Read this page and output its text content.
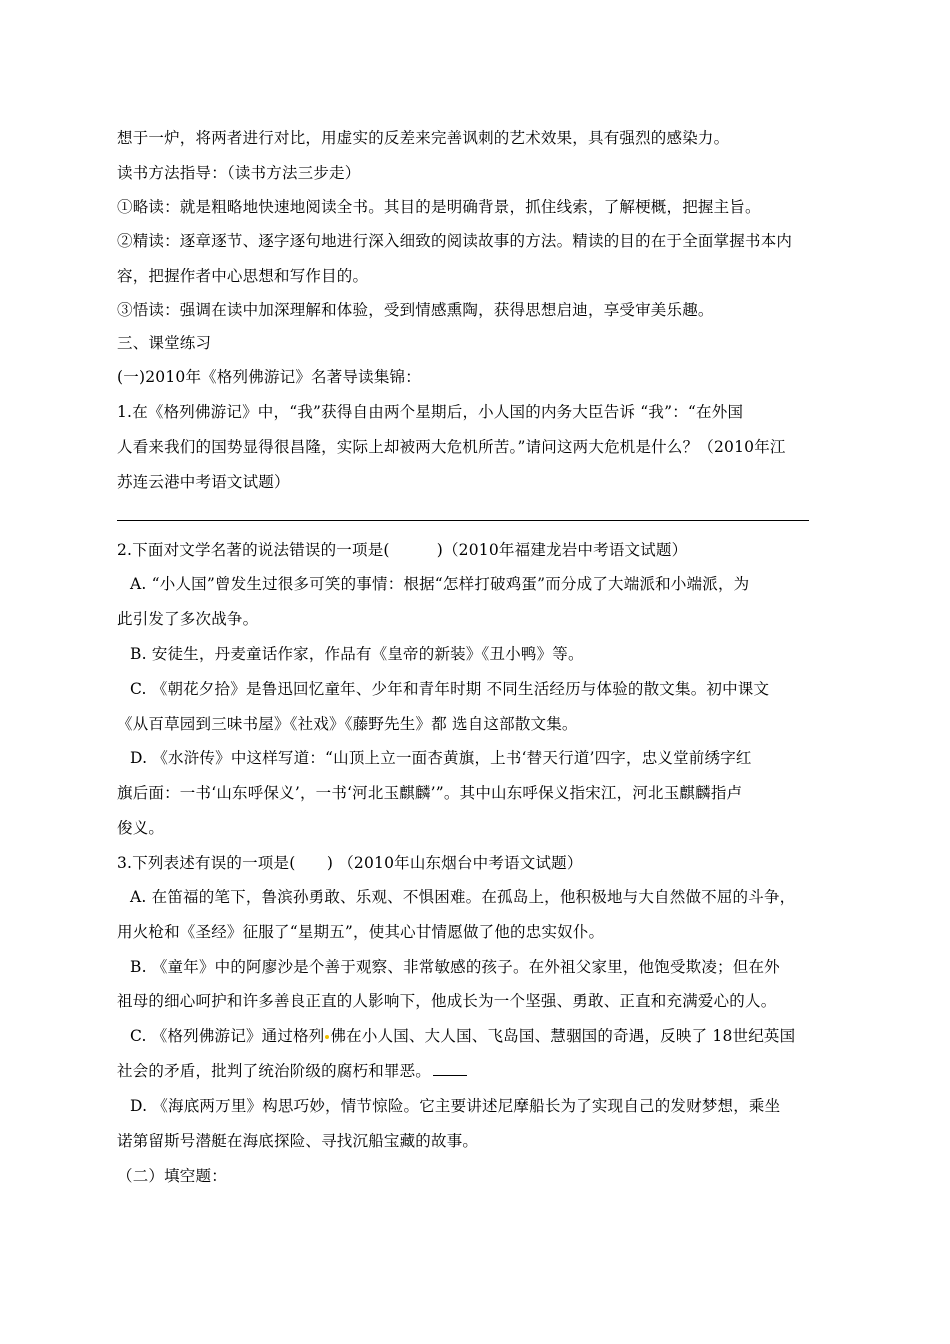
想于一炉，将两者进行对比，用虚实的反差来完善讽刺的艺术效果，具有强烈的感染力。
读书方法指导：（读书方法三步走）
①略读：就是粗略地快速地阅读全书。其目的是明确背景，抓住线索，了解梗概，把握主旨。
②精读：逐章逐节、逐字逐句地进行深入细致的阅读故事的方法。精读的目的在于全面掌握书本内
容，把握作者中心思想和写作目的。
③悟读：强调在读中加深理解和体验，受到情感熏陶，获得思想启迪，享受审美乐趣。
三、课堂练习
(一)2010年《格列佛游记》名著导读集锦：
1.在《格列佛游记》中，“我”获得自由两个星期后，小人国的内务大臣告诉 “我”：“在外国
人看来我们的国势显得很昌隆，实际上却被两大危机所苦。”请问这两大危机是什么？（2010年江
苏连云港中考语文试题）
2.下面对文学名著的说法错误的一项是(　　　)（2010年福建龙岩中考语文试题）
A. “小人国”曾发生过很多可笑的事情：根据“怎样打破鸡蛋”而分成了大端派和小端派，为
此引发了多次战争。
B. 安徒生，丹麦童话作家，作品有《皇帝的新装》《丑小鸭》等。
C. 《朝花夕拾》是鲁迅回忆童年、少年和青年时期 不同生活经历与体验的散文集。初中课文
《从百草园到三味书屋》《社戏》《藤野先生》都 选自这部散文集。
D. 《水浒传》中这样写道：“山顶上立一面杏黄旗，上书‘替天行道’四字，忠义堂前绣字红
旗后面：一书‘山东呼保义’，一书‘河北玉麒麟’”。其中山东呼保义指宋江，河北玉麒麟指卢
俊义。
3.下列表述有误的一项是(　　) （2010年山东烟台中考语文试题）
A. 在笛福的笔下，鲁滨孙勇敢、乐观、不惧困难。在孤岛上，他积极地与大自然做不屈的斗争，
用火枪和《圣经》征服了“星期五”，使其心甘情愿做了他的忠实奴仆。
B. 《童年》中的阿廖沙是个善于观察、非常敏感的孩子。在外祖父家里，他饱受欺凌；但在外
祖母的细心呵护和许多善良正直的人影响下，他成长为一个坚强、勇敢、正直和充满爱心的人。
C. 《格列佛游记》通过格列 佛在小人国、大人国、飞岛国、慧骃国的奇遇，反映了 18世纪英国
社会的矛盾，批判了统治阶级的腐朽和罪恶。
D. 《海底两万里》构思巧妙，情节惊险。它主要讲述尼摩船长为了实现自己的发财梦想，乘坐
诺第留斯号潜艇在海底探险、寻找沉船宝藏的故事。
（二）填空题：
